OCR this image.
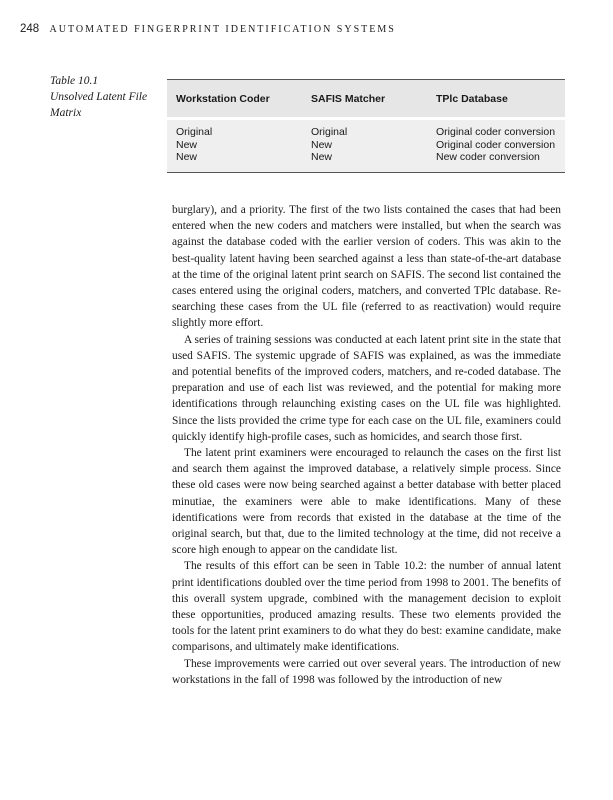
248 AUTOMATED FINGERPRINT IDENTIFICATION SYSTEMS
Table 10.1
Unsolved Latent File
Matrix
Workstation Coder	SAFIS Matcher	TPlc Database
Original	Original	Original coder conversion
New	New	Original coder conversion
New	New	New coder conversion

burglary), and a priority. The first of the two lists contained the cases that had been entered when the new coders and matchers were installed, but when the search was against the database coded with the earlier version of coders. This was akin to the best-quality latent having been searched against a less than state-of-the-art database at the time of the original latent print search on SAFIS. The second list contained the cases entered using the original coders, matchers, and converted TPlc database. Re-searching these cases from the UL file (referred to as reactivation) would require slightly more effort.

A series of training sessions was conducted at each latent print site in the state that used SAFIS. The systemic upgrade of SAFIS was explained, as was the immediate and potential benefits of the improved coders, matchers, and re-coded database. The preparation and use of each list was reviewed, and the potential for making more identifications through relaunching existing cases on the UL file was highlighted. Since the lists provided the crime type for each case on the UL file, examiners could quickly identify high-profile cases, such as homicides, and search those first.

The latent print examiners were encouraged to relaunch the cases on the first list and search them against the improved database, a relatively simple process. Since these old cases were now being searched against a better database with better placed minutiae, the examiners were able to make identifications. Many of these identifications were from records that existed in the database at the time of the original search, but that, due to the limited technology at the time, did not receive a score high enough to appear on the candidate list.

The results of this effort can be seen in Table 10.2: the number of annual latent print identifications doubled over the time period from 1998 to 2001. The benefits of this overall system upgrade, combined with the management decision to exploit these opportunities, produced amazing results. These two elements provided the tools for the latent print examiners to do what they do best: examine candidate, make comparisons, and ultimately make identifications.

These improvements were carried out over several years. The introduction of new workstations in the fall of 1998 was followed by the introduction of new
